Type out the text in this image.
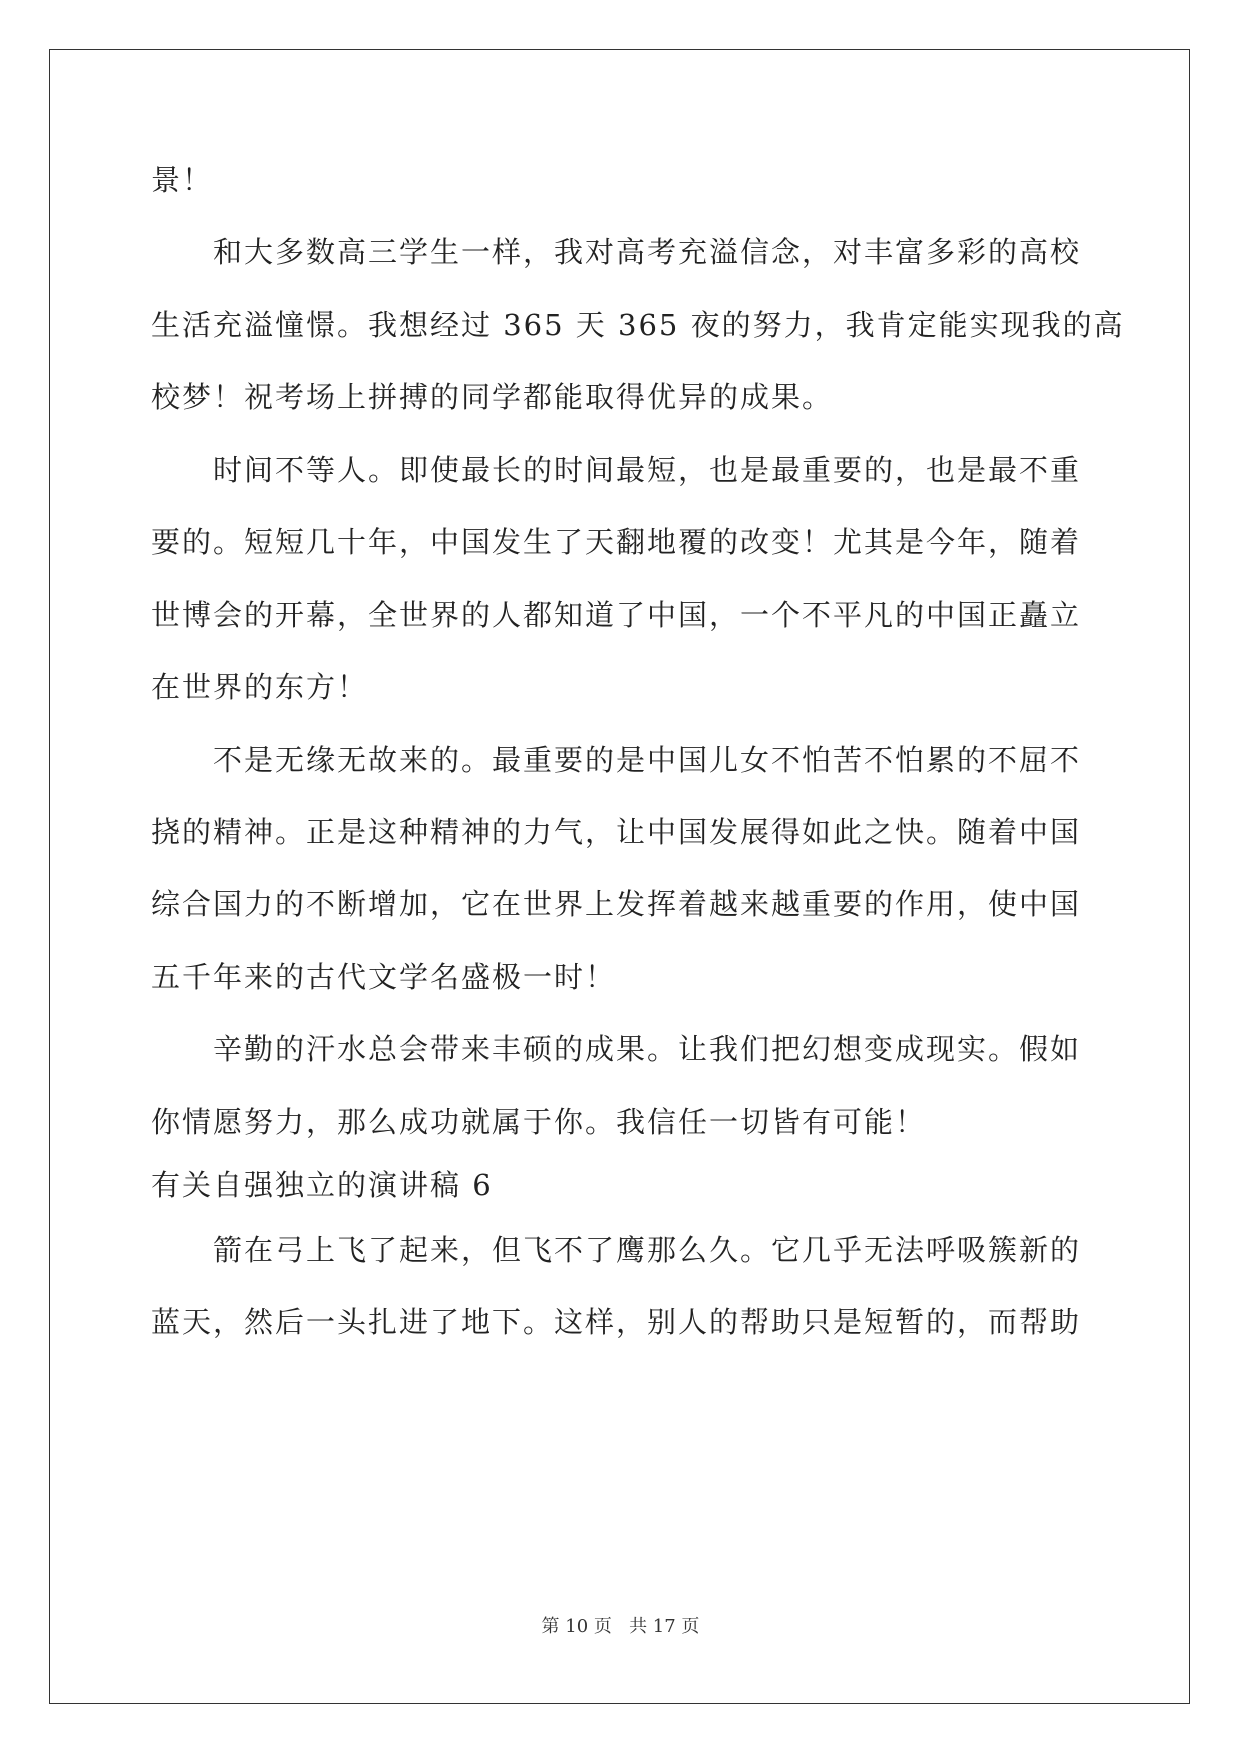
景！
和大多数高三学生一样，我对高考充溢信念，对丰富多彩的高校
生活充溢憧憬。我想经过 365 天 365 夜的努力，我肯定能实现我的高
校梦！祝考场上拼搏的同学都能取得优异的成果。
时间不等人。即使最长的时间最短，也是最重要的，也是最不重
要的。短短几十年，中国发生了天翻地覆的改变！尤其是今年，随着
世博会的开幕，全世界的人都知道了中国，一个不平凡的中国正矗立
在世界的东方！
不是无缘无故来的。最重要的是中国儿女不怕苦不怕累的不屈不
挠的精神。正是这种精神的力气，让中国发展得如此之快。随着中国
综合国力的不断增加，它在世界上发挥着越来越重要的作用，使中国
五千年来的古代文学名盛极一时！
辛勤的汗水总会带来丰硕的成果。让我们把幻想变成现实。假如
你情愿努力，那么成功就属于你。我信任一切皆有可能！
有关自强独立的演讲稿 6
箭在弓上飞了起来，但飞不了鹰那么久。它几乎无法呼吸簇新的
蓝天，然后一头扎进了地下。这样，别人的帮助只是短暂的，而帮助
第 10 页 共 17 页
